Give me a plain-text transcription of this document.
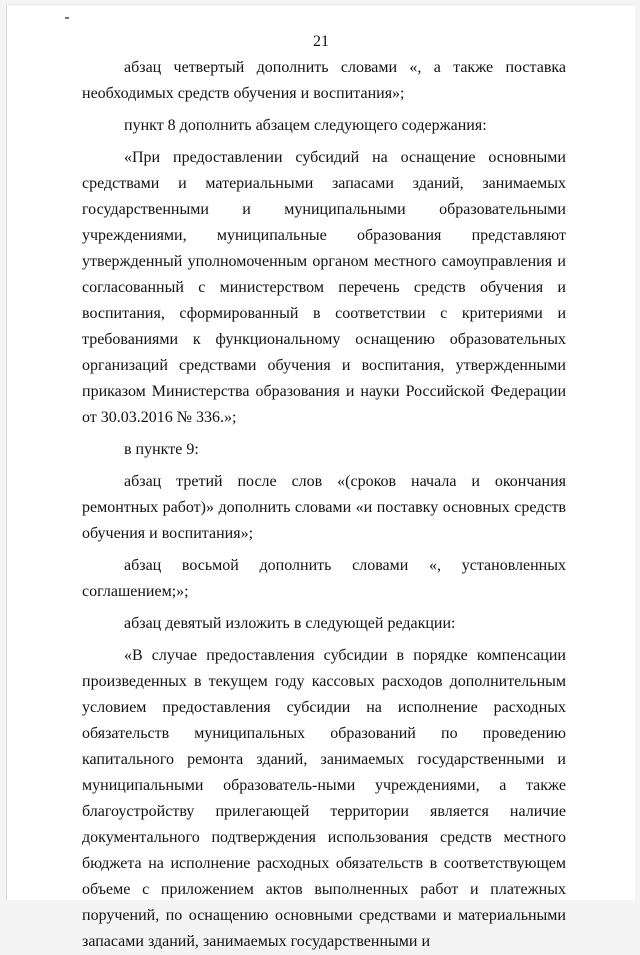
21

абзац четвертый дополнить словами «, а также поставка необходимых средств обучения и воспитания»;

пункт 8 дополнить абзацем следующего содержания:

«При предоставлении субсидий на оснащение основными средствами и материальными запасами зданий, занимаемых государственными и муниципальными образовательными учреждениями, муниципальные образования представляют утвержденный уполномоченным органом местного самоуправления и согласованный с министерством перечень средств обучения и воспитания, сформированный в соответствии с критериями и требованиями к функциональному оснащению образовательных организаций средствами обучения и воспитания, утвержденными приказом Министерства образования и науки Российской Федерации от 30.03.2016 № 336.»;

в пункте 9:

абзац третий после слов «(сроков начала и окончания ремонтных работ)» дополнить словами «и поставку основных средств обучения и воспитания»;

абзац восьмой дополнить словами «, установленных соглашением;»;

абзац девятый изложить в следующей редакции:

«В случае предоставления субсидии в порядке компенсации произведенных в текущем году кассовых расходов дополнительным условием предоставления субсидии на исполнение расходных обязательств муниципальных образований по проведению капитального ремонта зданий, занимаемых государственными и муниципальными образователь-ными учреждениями, а также благоустройству прилегающей территории является наличие документального подтверждения использования средств местного бюджета на исполнение расходных обязательств в соответствующем объеме с приложением актов выполненных работ и платежных поручений, по оснащению основными средствами и материальными запасами зданий, занимаемых государственными и
